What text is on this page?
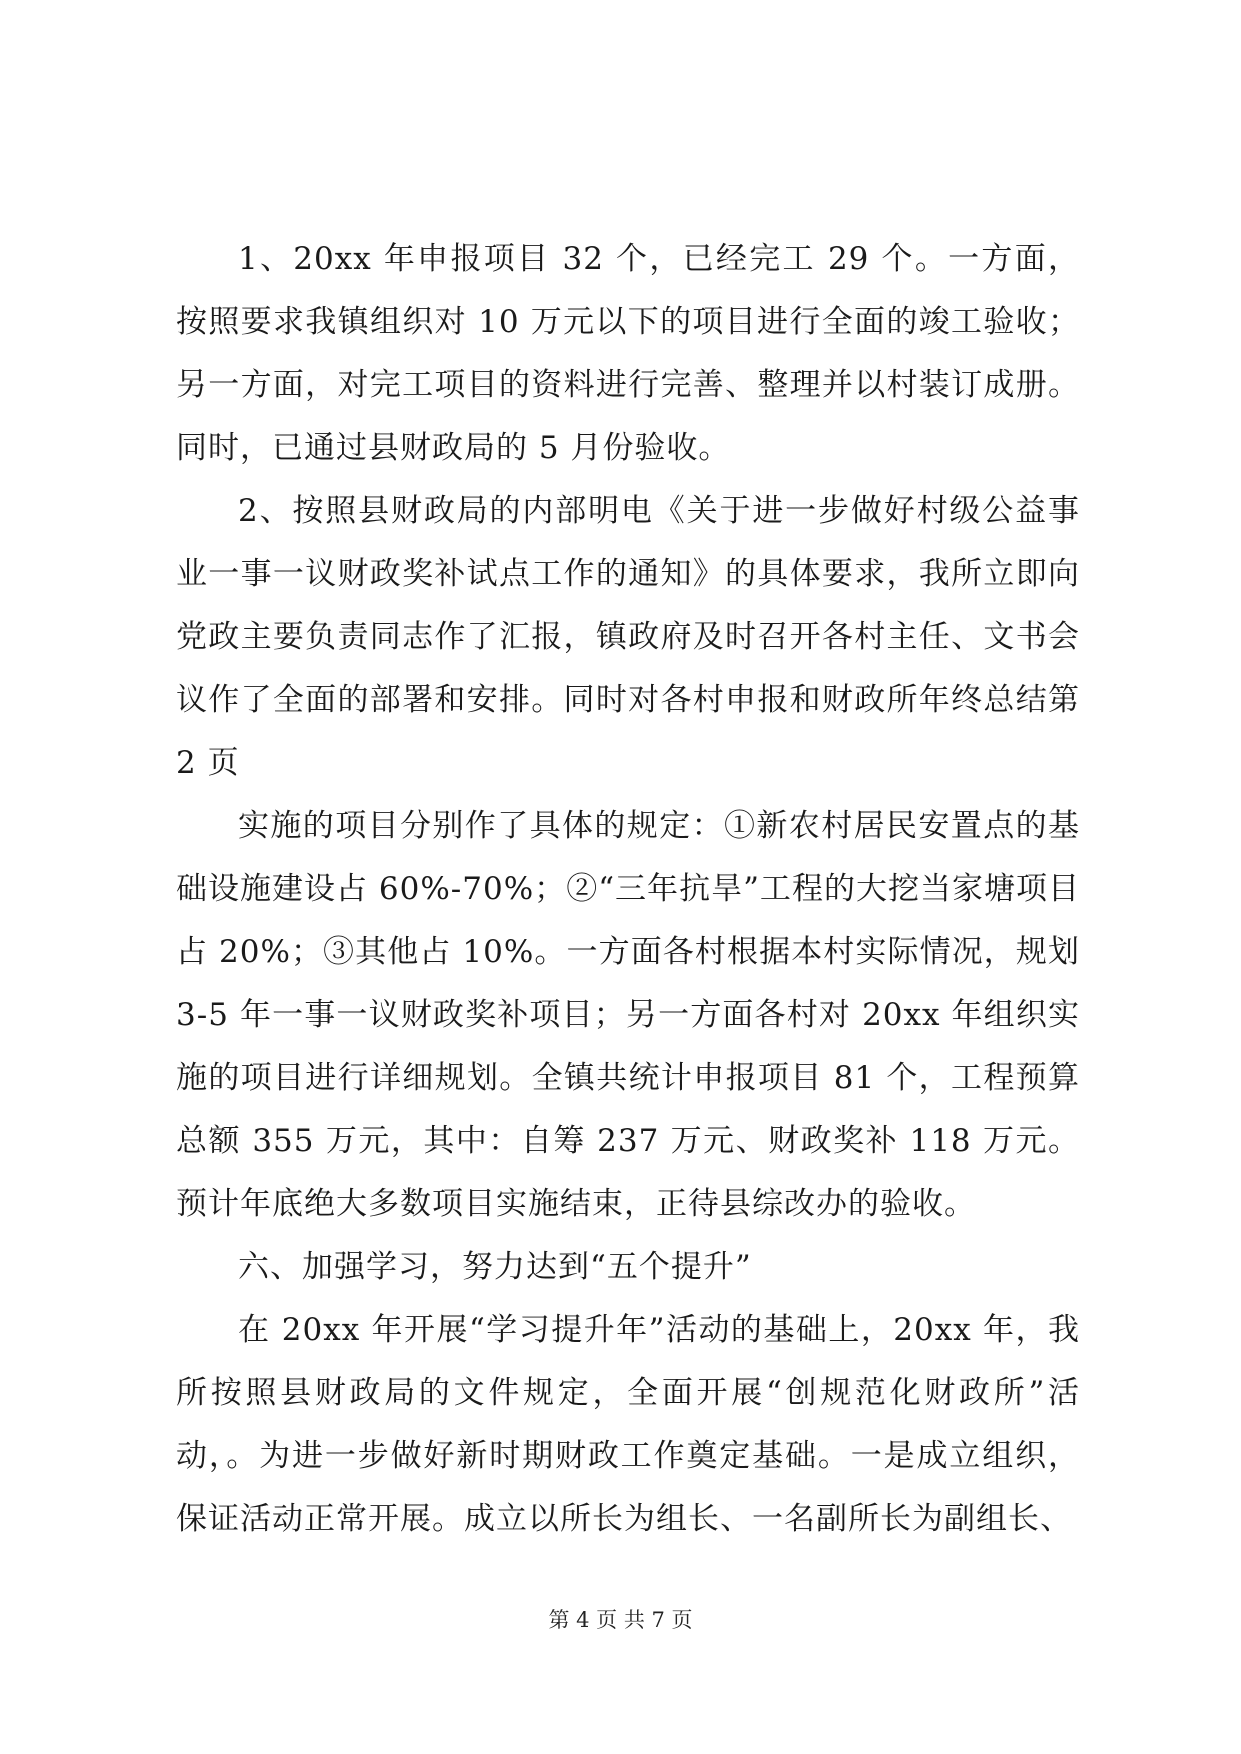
1、20xx 年申报项目 32 个，已经完工 29 个。一方面，按照要求我镇组织对 10 万元以下的项目进行全面的竣工验收；另一方面，对完工项目的资料进行完善、整理并以村装订成册。同时，已通过县财政局的 5 月份验收。

2、按照县财政局的内部明电《关于进一步做好村级公益事业一事一议财政奖补试点工作的通知》的具体要求，我所立即向党政主要负责同志作了汇报，镇政府及时召开各村主任、文书会议作了全面的部署和安排。同时对各村申报和财政所年终总结第 2 页

实施的项目分别作了具体的规定：①新农村居民安置点的基础设施建设占 60%-70%；②“三年抗旱”工程的大挖当家塘项目占 20%；③其他占 10%。一方面各村根据本村实际情况，规划 3-5 年一事一议财政奖补项目；另一方面各村对 20xx 年组织实施的项目进行详细规划。全镇共统计申报项目 81 个，工程预算总额 355 万元，其中：自筹 237 万元、财政奖补 118 万元。预计年底绝大多数项目实施结束，正待县综改办的验收。

六、加强学习，努力达到“五个提升”

在 20xx 年开展“学习提升年”活动的基础上，20xx 年，我所按照县财政局的文件规定，全面开展“创规范化财政所”活动，。为进一步做好新时期财政工作奠定基础。一是成立组织，保证活动正常开展。成立以所长为组长、一名副所长为副组长、

第 4 页 共 7 页
